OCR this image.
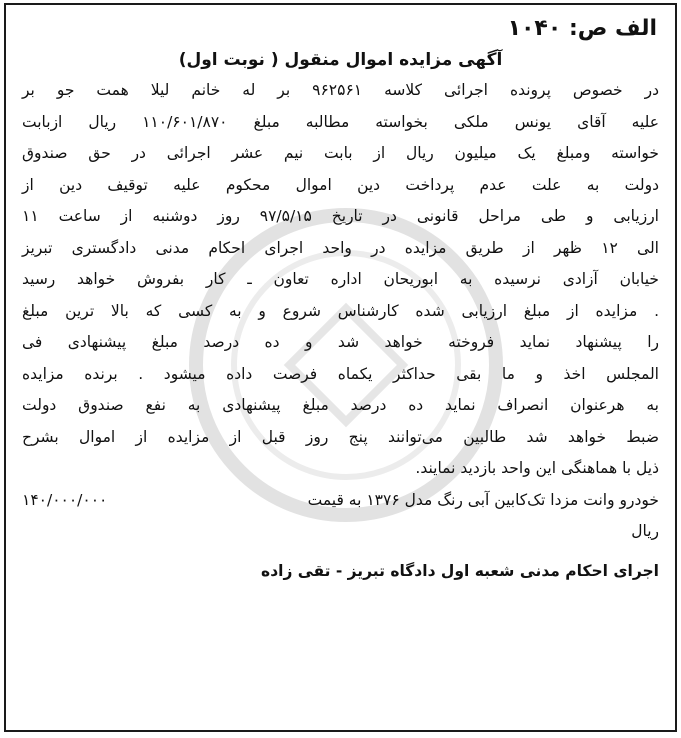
الف ص: ۱۰۴۰
آگهی مزایده اموال منقول ( نوبت اول)
در خصوص پرونده اجرائی کلاسه ۹۶۲۵۶۱ بر له خانم لیلا همت جو بر
علیه آقای یونس ملکی بخواسته مطالبه مبلغ ۱۱۰/۶۰۱/۸۷۰ ریال ازبابت
خواسته ومبلغ یک میلیون ریال از بابت نیم عشر اجرائی در حق صندوق
دولت به علت عدم پرداخت دین اموال محکوم علیه توقیف دین از
ارزیابی و طی مراحل قانونی در تاریخ ۹۷/۵/۱۵ روز دوشنبه از ساعت ۱۱
الی ۱۲ ظهر از طریق مزایده در واحد اجرای احکام مدنی دادگستری تبریز
خیابان آزادی نرسیده به ابوریحان اداره تعاون ـ کار بفروش خواهد رسید
. مزایده از مبلغ ارزیابی شده کارشناس شروع و به کسی که بالا ترین مبلغ
را پیشنهاد نماید فروخته خواهد شد و ده درصد مبلغ پیشنهادی فی
المجلس اخذ و ما بقی حداکثر یکماه فرصت داده میشود . برنده مزایده
به هرعنوان انصراف نماید ده درصد مبلغ پیشنهادی به نفع صندوق دولت
ضبط خواهد شد طالبین می‌توانند پنج روز قبل از مزایده از اموال بشرح
ذیل با هماهنگی این واحد بازدید نمایند.
خودرو وانت مزدا تک‌کابین آبی رنگ مدل ۱۳۷۶ به قیمت
۱۴۰/۰۰۰/۰۰۰
ریال
اجرای احکام مدنی شعبه اول دادگاه تبریز - تقی زاده
